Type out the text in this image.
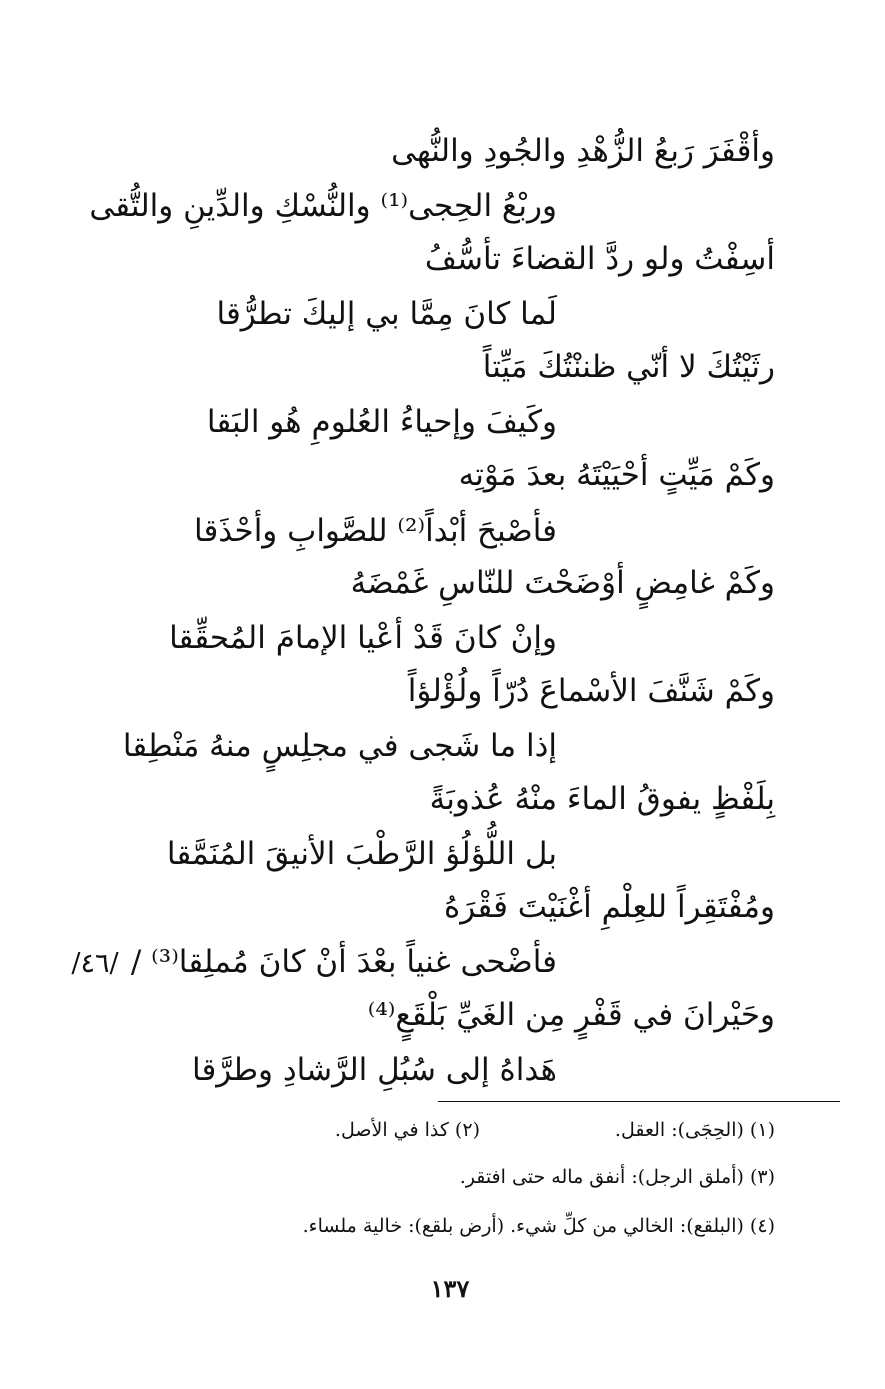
وأقْفَرَ رَبعُ الزُّهْدِ والجُودِ والنُّهى
وربْعُ الحِجى⁽¹⁾ والنُّسْكِ والدِّينِ والتُّقى
أسِفْتُ ولو ردَّ القضاءَ تأسُّفُ
لَما كانَ مِمَّا بي إليكَ تطرُّقا
رثَيْتُكَ لا أنّي ظننْتُكَ مَيِّتاً
وكَيفَ وإحياءُ العُلومِ هُو البَقا
وكَمْ مَيِّتٍ أحْيَيْتَهُ بعدَ مَوْتِه
فأصْبحَ أبْداً⁽²⁾ للصَّوابِ وأحْذَقا
وكَمْ غامِضٍ أوْضَحْتَ للنّاسِ غَمْضَهُ
وإنْ كانَ قَدْ أعْيا الإمامَ المُحقِّقا
وكَمْ شَنَّفَ الأسْماعَ دُرّاً ولُؤْلؤاً
إذا ما شَجى في مجلِسٍ منهُ مَنْطِقا
بِلَفْظٍ يفوقُ الماءَ منْهُ عُذوبَةً
بل اللُّؤلُؤ الرَّطْبَ الأنيقَ المُنَمَّقا
ومُفْتَقِراً للعِلْمِ أغْنَيْتَ فَقْرَهُ
فأضْحى غنياً بعْدَ أنْ كانَ مُملِقا⁽³⁾ /
وحَيْرانَ في قَفْرٍ مِن الغَيِّ بَلْقَعٍ⁽⁴⁾
هَداهُ إلى سُبُلِ الرَّشادِ وطرَّقا
/٤٦/
(١) (الحِجَى): العقل.
(٢) كذا في الأصل.
(٣) (أملق الرجل): أنفق ماله حتى افتقر.
(٤) (البلقع): الخالي من كلِّ شيء. (أرض بلقع): خالية ملساء.
١٣٧
